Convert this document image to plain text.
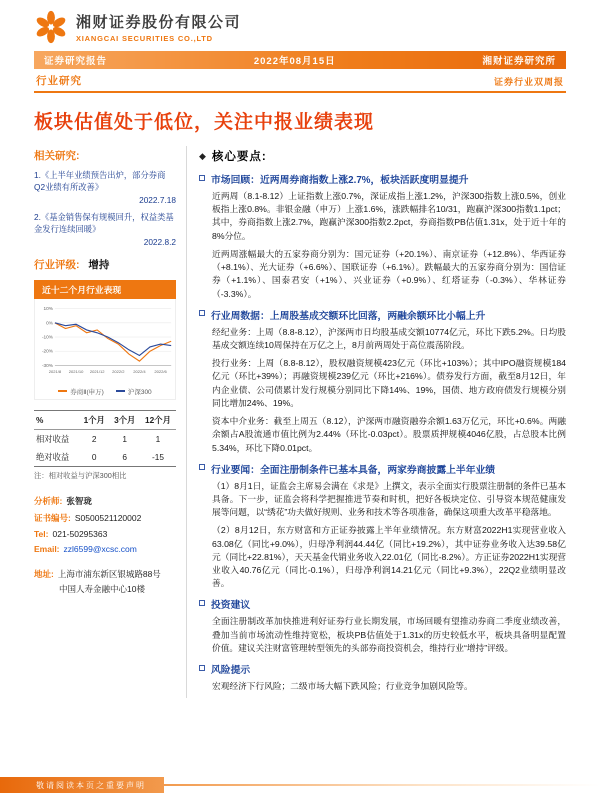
湘财证券股份有限公司
XIANGCAI SECURITIES CO.,LTD
证券研究报告	2022年08月15日	湘财证券研究所
行业研究	证券行业双周报
板块估值处于低位，关注中报业绩表现
相关研究:
1.《上半年业绩预告出炉，部分券商Q2业绩有所改善》
2022.7.18
2.《基金销售保有规模回升，权益类基金发行连续回暖》
2022.8.2
行业评级: 增持
近十二个月行业表现
10%
0%
-10%
-20%
-30%
2021/8 2021/10 2021/12 2022/2 2022/4 2022/6
券商Ⅱ(申万)	沪深300
%	1个月	3个月	12个月
相对收益	2	1	1
绝对收益	0	6	-15
注：相对收益与沪深300相比
分析师: 张智珑
证书编号: S0500521120002
Tel: 021-50295363
Email: zzl6599@xcsc.com
地址: 上海市浦东新区银城路88号
中国人寿金融中心10楼
◆ 核心要点:
市场回顾：近两周券商指数上涨2.7%，板块活跃度明显提升

近两周（8.1-8.12）上证指数上涨0.7%，深证成指上涨1.2%，沪深300指数上涨0.5%，创业板指上涨0.8%。非银金融（申万）上涨1.6%，涨跌幅排名10/31，跑赢沪深300指数1.1pct；其中，券商指数上涨2.7%，跑赢沪深300指数2.2pct，券商指数PB估值1.31x，处于近十年的8%分位。

近两周涨幅最大的五家券商分别为：国元证券（+20.1%）、南京证券（+12.8%）、华西证券（+8.1%）、光大证券（+6.6%）、国联证券（+6.1%）。跌幅最大的五家券商分别为：国信证券（+1.1%）、国泰君安（+1%）、兴业证券（+0.9%）、红塔证券（-0.3%）、华林证券（-3.3%）。

行业周数据：上周股基成交额环比回落，两融余额环比小幅上升

经纪业务：上周（8.8-8.12），沪深两市日均股基成交额10774亿元，环比下跌5.2%。日均股基成交额连续10周保持在万亿之上，8月前两周处于高位震荡阶段。

投行业务：上周（8.8-8.12），股权融资规模423亿元（环比+103%）；其中IPO融资规模184亿元（环比+39%）；再融资规模239亿元（环比+216%）。债券发行方面，截至8月12日，年内企业债、公司债累计发行规模分别同比下降14%、19%，国债、地方政府债发行规模分别同比增加24%、19%。

资本中介业务：截至上周五（8.12），沪深两市融资融券余额1.63万亿元，环比+0.6%。两融余额占A股流通市值比例为2.44%（环比-0.03pct）。股票质押规模4046亿股，占总股本比例5.34%，环比下降0.01pct。

行业要闻：全面注册制条件已基本具备，两家券商披露上半年业绩

（1）8月1日，证监会主席易会满在《求是》上撰文，表示全面实行股票注册制的条件已基本具备。下一步，证监会将科学把握推进节奏和时机，把好各板块定位、引导资本规范健康发展等问题，以“绣花”功夫做好规则、业务和技术等各项准备，确保这项重大改革平稳落地。

（2）8月12日，东方财富和方正证券披露上半年业绩情况。东方财富2022H1实现营业收入63.08亿（同比+9.0%），归母净利润44.44亿（同比+19.2%），其中证券业务收入达39.58亿元（同比+22.81%），天天基金代销业务收入22.01亿（同比-8.2%）。方正证券2022H1实现营业收入40.76亿元（同比-0.1%），归母净利润14.21亿元（同比+9.3%），22Q2业绩明显改善。

投资建议

全面注册制改革加快推进利好证券行业长期发展，市场回暖有望推动券商二季度业绩改善，叠加当前市场流动性维持宽松，板块PB估值处于1.31x的历史较低水平，板块具备明显配置价值。建议关注财富管理转型领先的头部券商投资机会，维持行业“增持”评级。

风险提示

宏观经济下行风险；二级市场大幅下跌风险；行业竞争加剧风险等。

敬请阅读本页之重要声明
